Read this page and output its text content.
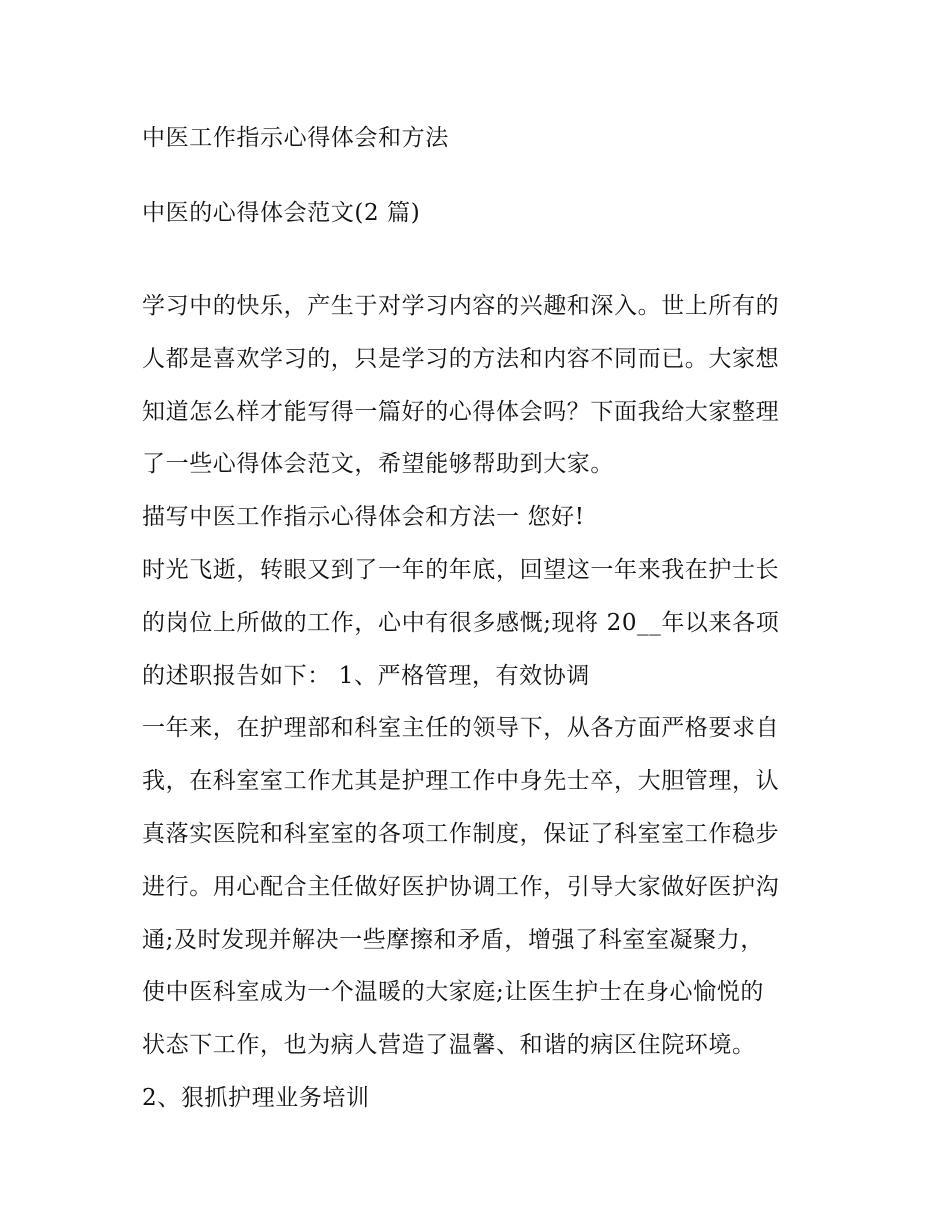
中医工作指示心得体会和方法
中医的心得体会范文(2 篇)
学习中的快乐，产生于对学习内容的兴趣和深入。世上所有的
人都是喜欢学习的，只是学习的方法和内容不同而已。大家想
知道怎么样才能写得一篇好的心得体会吗？下面我给大家整理
了一些心得体会范文，希望能够帮助到大家。
描写中医工作指示心得体会和方法一 您好!
时光飞逝，转眼又到了一年的年底，回望这一年来我在护士长
的岗位上所做的工作，心中有很多感慨;现将 20__年以来各项
的述职报告如下： 1、严格管理，有效协调
一年来，在护理部和科室主任的领导下，从各方面严格要求自
我，在科室室工作尤其是护理工作中身先士卒，大胆管理，认
真落实医院和科室室的各项工作制度，保证了科室室工作稳步
进行。用心配合主任做好医护协调工作，引导大家做好医护沟
通;及时发现并解决一些摩擦和矛盾，增强了科室室凝聚力，
使中医科室成为一个温暖的大家庭;让医生护士在身心愉悦的
状态下工作，也为病人营造了温馨、和谐的病区住院环境。
2、狠抓护理业务培训
